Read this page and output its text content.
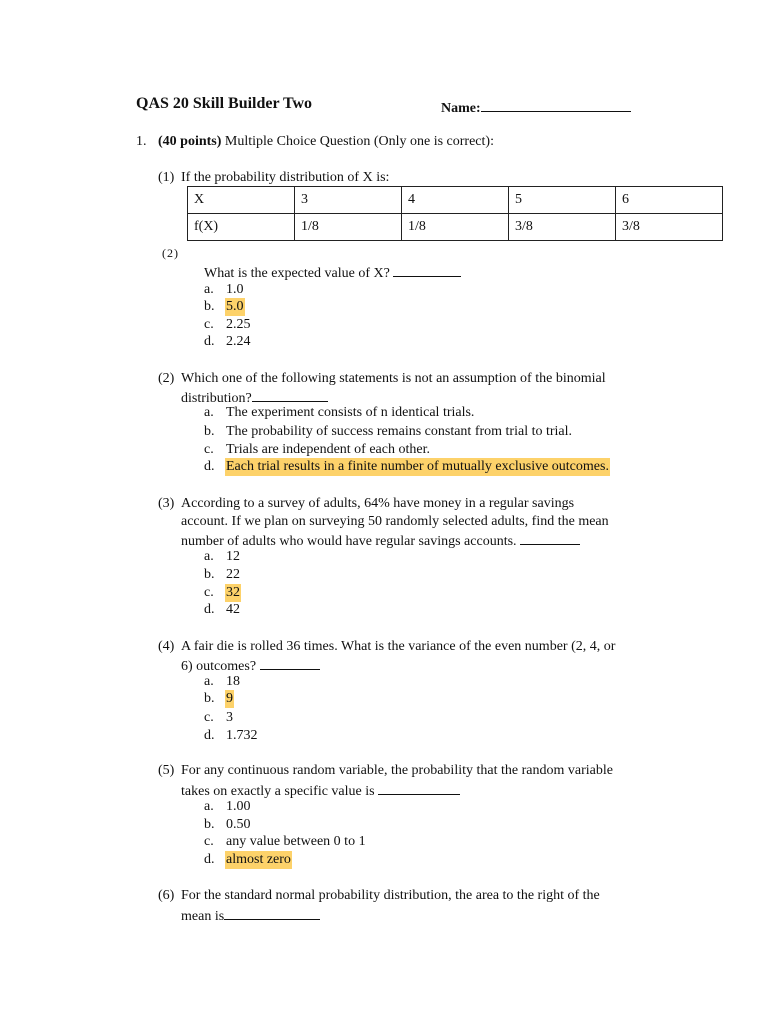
QAS 20 Skill Builder Two	Name:
1. (40 points) Multiple Choice Question (Only one is correct):
(1) If the probability distribution of X is:
X	3	4	5	6
f(X)	1/8	1/8	3/8	3/8
(2)
What is the expected value of X?
a. 1.0
b. 5.0
c. 2.25
d. 2.24
(2) Which one of the following statements is not an assumption of the binomial
distribution?
a. The experiment consists of n identical trials.
b. The probability of success remains constant from trial to trial.
c. Trials are independent of each other.
d. Each trial results in a finite number of mutually exclusive outcomes.
(3) According to a survey of adults, 64% have money in a regular savings
account. If we plan on surveying 50 randomly selected adults, find the mean
number of adults who would have regular savings accounts.
a. 12
b. 22
c. 32
d. 42
(4) A fair die is rolled 36 times. What is the variance of the even number (2, 4, or
6) outcomes?
a. 18
b. 9
c. 3
d. 1.732
(5) For any continuous random variable, the probability that the random variable
takes on exactly a specific value is
a. 1.00
b. 0.50
c. any value between 0 to 1
d. almost zero
(6) For the standard normal probability distribution, the area to the right of the
mean is
